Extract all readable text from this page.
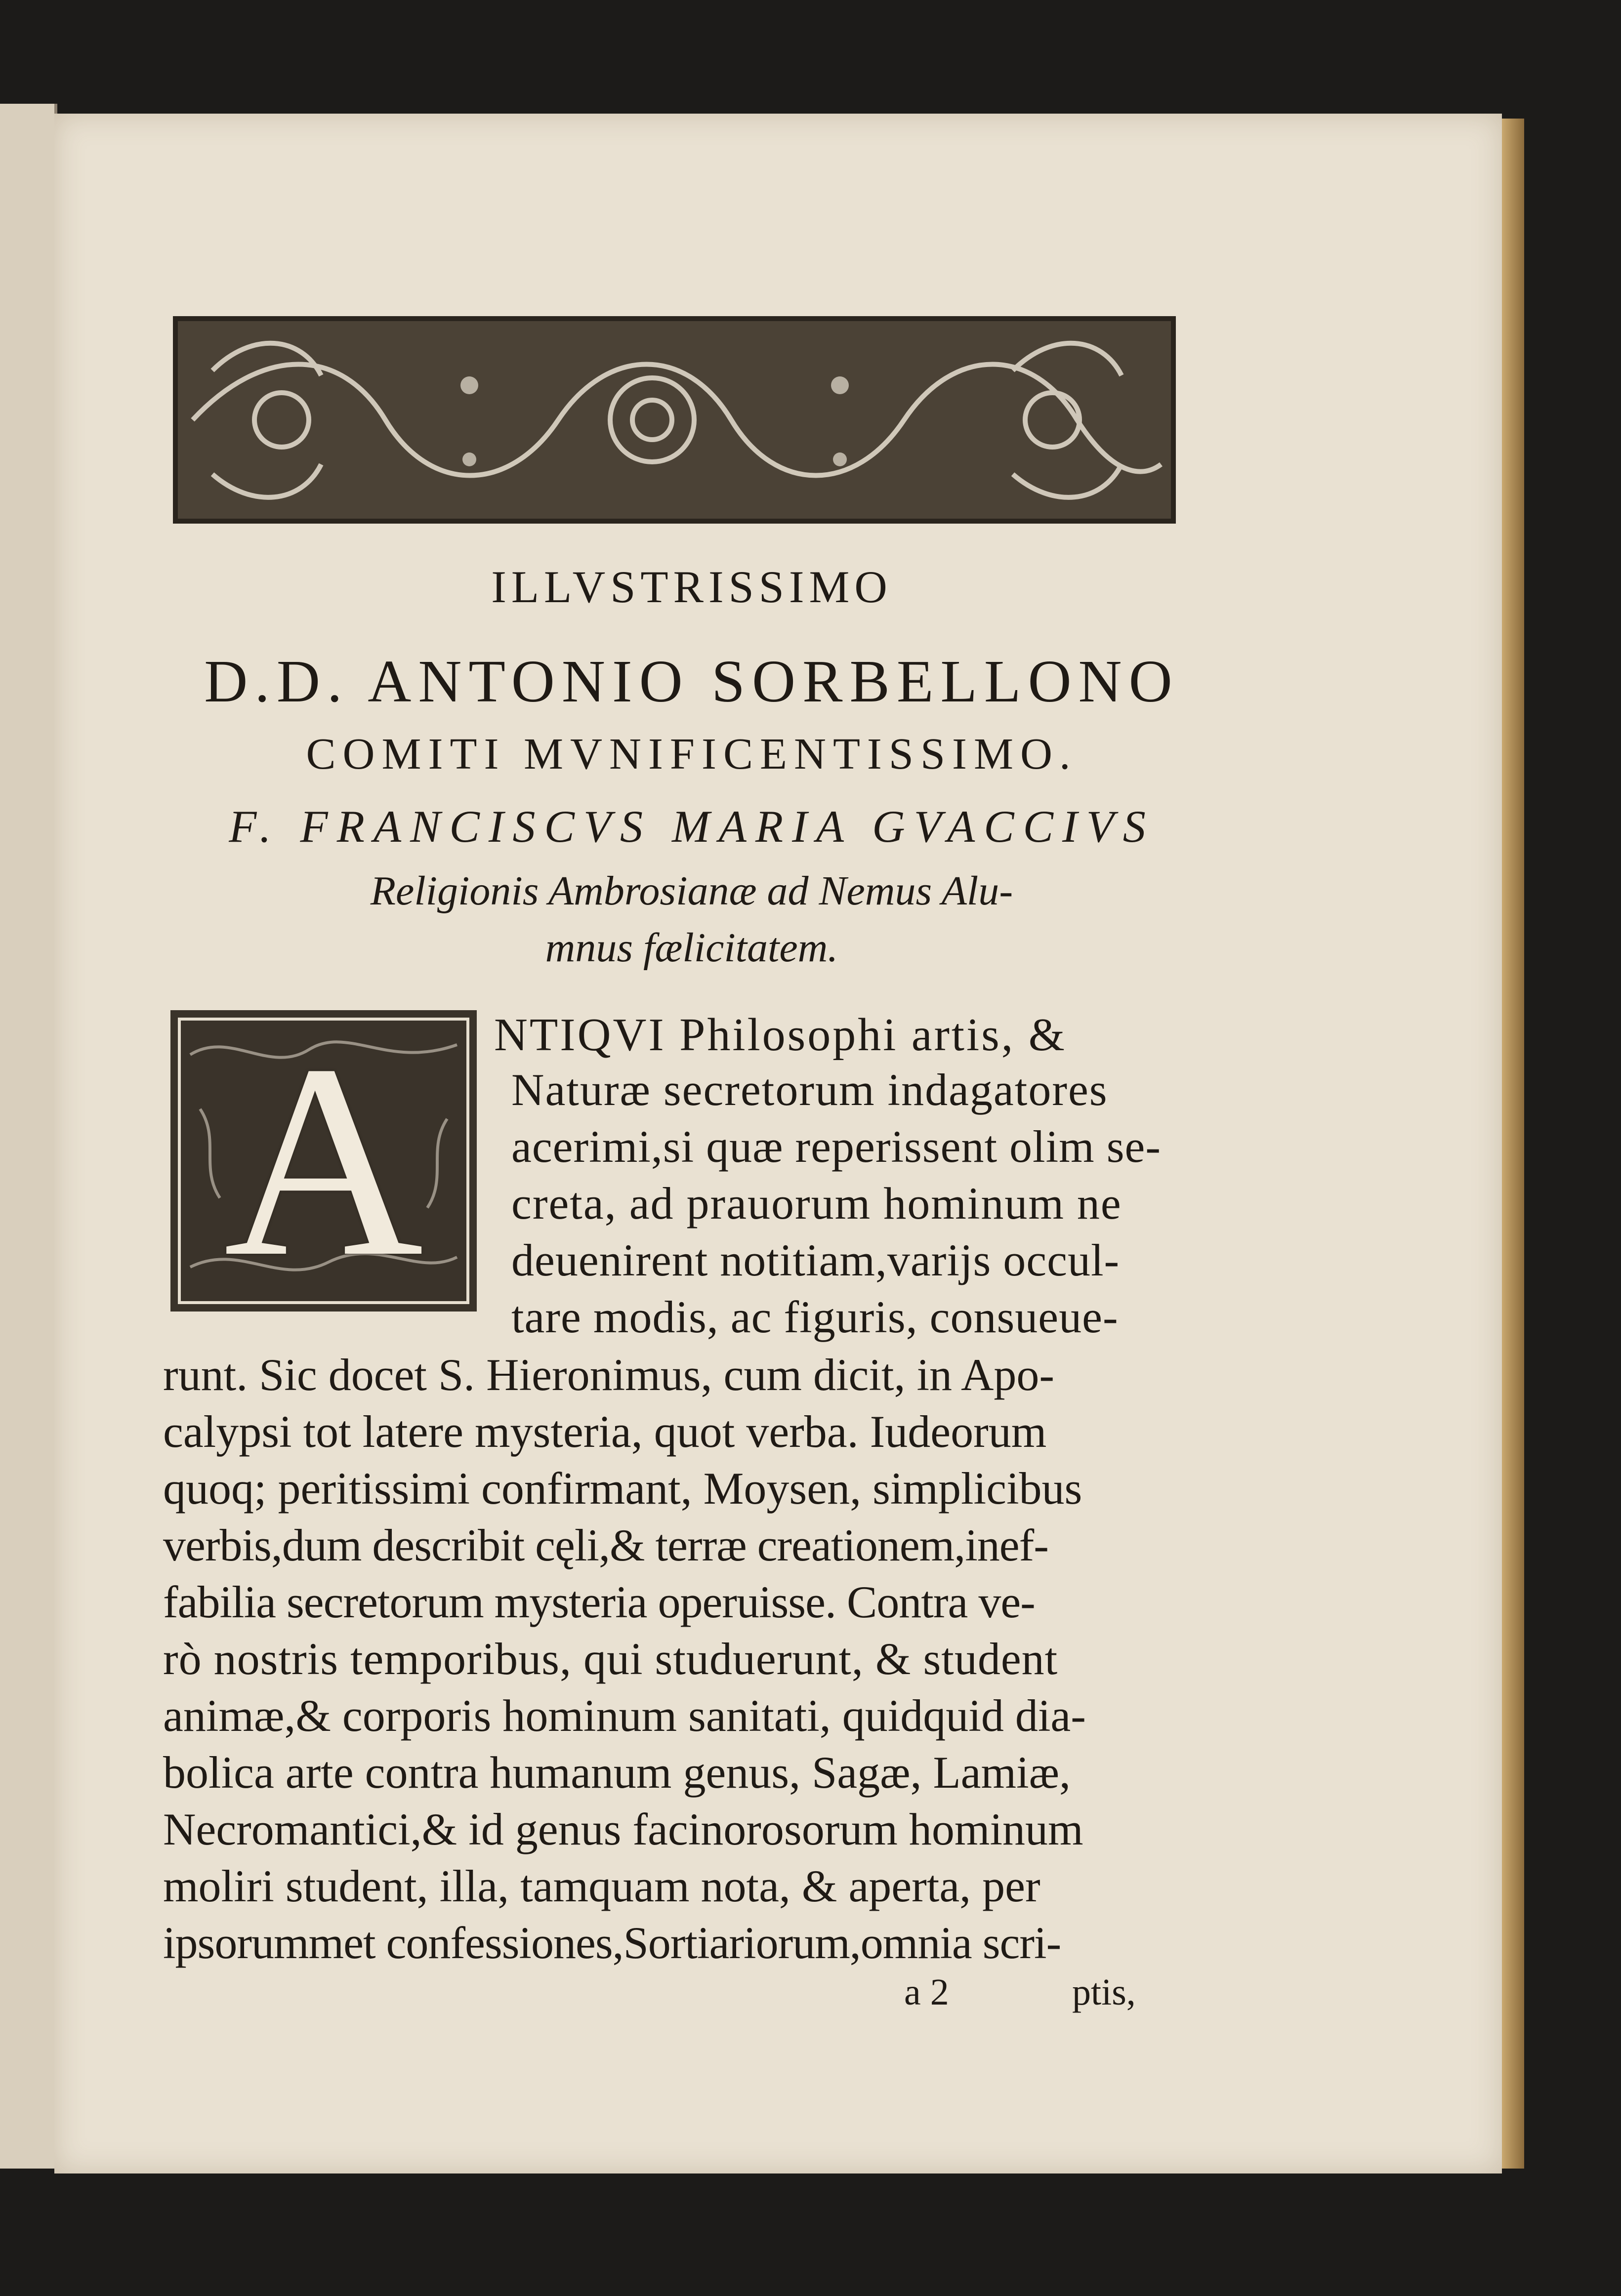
ILLVSTRISSIMO
D.D. ANTONIO SORBELLONO
COMITI MVNIFICENTISSIMO.
F. FRANCISCVS MARIA GVACCIVS
Religionis Ambrosianæ ad Nemus Alu-
mnus fælicitatem.
A	NTIQVI Philosophi artis, &
Naturæ secretorum indagatores
acerimi,si quæ reperissent olim se-
creta, ad prauorum hominum ne
deuenirent notitiam,varijs occul-
tare modis, ac figuris, consueue-
runt. Sic docet S. Hieronimus, cum dicit, in Apo-
calypsi tot latere mysteria, quot verba. Iudeorum
quoq; peritissimi confirmant, Moysen, simplicibus
verbis,dum describit cęli,& terræ creationem,inef-
fabilia secretorum mysteria operuisse. Contra ve-
rò nostris temporibus, qui studuerunt, & student
animæ,& corporis hominum sanitati, quidquid dia-
bolica arte contra humanum genus, Sagæ, Lamiæ,
Necromantici,& id genus facinorosorum hominum
moliri student, illa, tamquam nota, & aperta, per
ipsorummet confessiones,Sortiariorum,omnia scri-
a 2	ptis,
